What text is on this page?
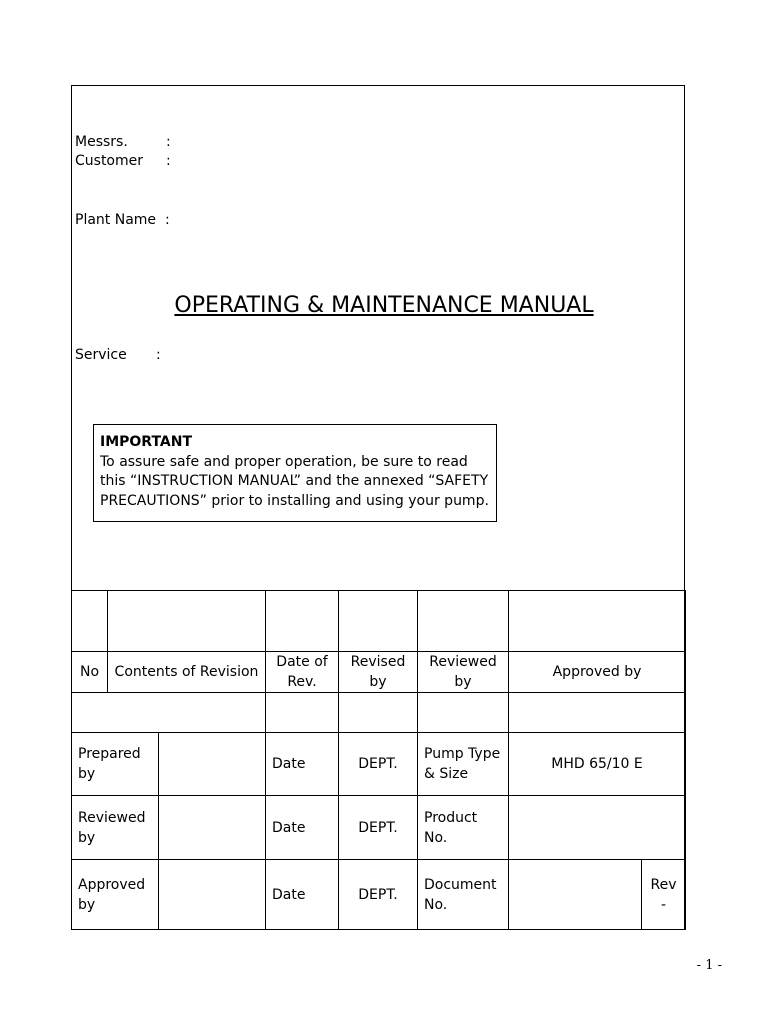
Messrs.	:
Customer :
Plant Name :
OPERATING & MAINTENANCE MANUAL
Service :
IMPORTANT
To assure safe and proper operation, be sure to read
this “INSTRUCTION MANUAL” and the annexed “SAFETY
PRECAUTIONS” prior to installing and using your pump.

No	Contents of Revision		Date of Rev.	Revised by	Reviewed by	Approved by	

Prepared by			Date	DEPT.	Pump Type & Size	MHD 65/10 E	
Reviewed by			Date	DEPT.	Product No.		
Approved by			Date	DEPT.	Document No.		Rev -
- 1 -
